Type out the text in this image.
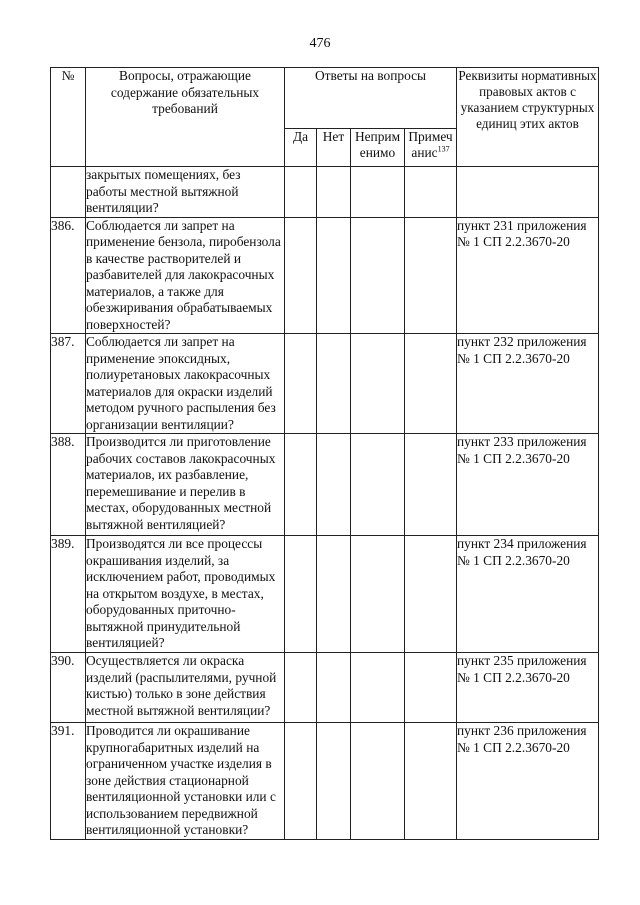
476
№	Вопросы, отражающие содержание обязательных требований	Ответы на вопросы				Реквизиты нормативных правовых актов с указанием структурных единиц этих актов
		Да	Нет	Неприм енимо	Примеч анис$^{137}$
	закрытых помещениях, без работы местной вытяжной вентиляции?					
386.	Соблюдается ли запрет на применение бензола, пиробензола в качестве растворителей и разбавителей для лакокрасочных материалов, а также для обезжиривания обрабатываемых поверхностей?					пункт 231 приложения № 1 СП 2.2.3670-20
387.	Соблюдается ли запрет на применение эпоксидных, полиуретановых лакокрасочных материалов для окраски изделий методом ручного распыления без организации вентиляции?					пункт 232 приложения № 1 СП 2.2.3670-20
388.	Производится ли приготовление рабочих составов лакокрасочных материалов, их разбавление, перемешивание и перелив в местах, оборудованных местной вытяжной вентиляцией?					пункт 233 приложения № 1 СП 2.2.3670-20
389.	Производятся ли все процессы окрашивания изделий, за исключением работ, проводимых на открытом воздухе, в местах, оборудованных приточно-вытяжной принудительной вентиляцией?					пункт 234 приложения № 1 СП 2.2.3670-20
390.	Осуществляется ли окраска изделий (распылителями, ручной кистью) только в зоне действия местной вытяжной вентиляции?					пункт 235 приложения № 1 СП 2.2.3670-20
391.	Проводится ли окрашивание крупногабаритных изделий на ограниченном участке изделия в зоне действия стационарной вентиляционной установки или с использованием передвижной вентиляционной установки?					пункт 236 приложения № 1 СП 2.2.3670-20
